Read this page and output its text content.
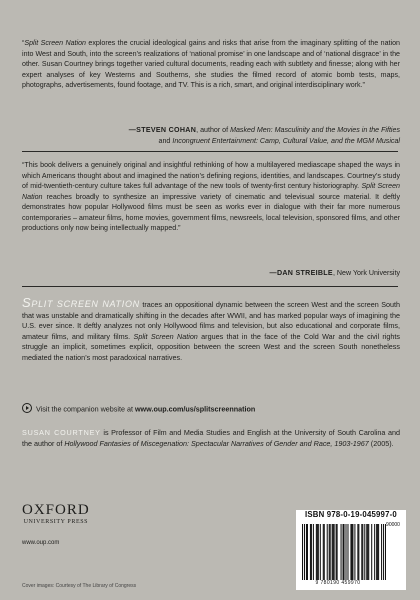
“Split Screen Nation explores the crucial ideological gains and risks that arise from the imaginary splitting of the nation into West and South, into the screen’s realizations of ‘national promise’ in one landscape and of ‘national disgrace’ in the other. Susan Courtney brings together varied cultural documents, reading each with subtlety and finesse; along with her expert analyses of key Westerns and Southerns, she studies the filmed record of atomic bomb tests, maps, photographs, advertisements, found footage, and TV. This is a rich, smart, and original interdisciplinary work.”
—STEVEN COHAN, author of Masked Men: Masculinity and the Movies in the Fifties
and Incongruent Entertainment: Camp, Cultural Value, and the MGM Musical
“This book delivers a genuinely original and insightful rethinking of how a multilayered mediascape shaped the ways in which Americans thought about and imagined the nation’s defining regions, identities, and landscapes. Courtney’s study of mid-twentieth-century culture takes full advantage of the new tools of twenty-first century historiography. Split Screen Nation reaches broadly to synthesize an impressive variety of cinematic and televisual source material. It deftly demonstrates how popular Hollywood films must be seen as works ever in dialogue with their far more numerous contemporaries – amateur films, home movies, government films, newsreels, local television, sponsored films, and other productions only now being intellectually mapped.”
—DAN STREIBLE, New York University
SPLIT SCREEN NATION traces an oppositional dynamic between the screen West and the screen South that was unstable and dramatically shifting in the decades after WWII, and has marked popular ways of imagining the U.S. ever since. It deftly analyzes not only Hollywood films and television, but also educational and corporate films, amateur films, and military films. Split Screen Nation argues that in the face of the Cold War and the civil rights struggle an implicit, sometimes explicit, opposition between the screen West and the screen South nonetheless mediated the nation’s most paradoxical narratives.
Visit the companion website at www.oup.com/us/splitscreennation
SUSAN COURTNEY is Professor of Film and Media Studies and English at the University of South Carolina and the author of Hollywood Fantasies of Miscegenation: Spectacular Narratives of Gender and Race, 1903-1967 (2005).
OXFORD
UNIVERSITY PRESS
www.oup.com
Cover images: Courtesy of The Library of Congress
ISBN 978-0-19-045997-0
9 780190 459970
90000
